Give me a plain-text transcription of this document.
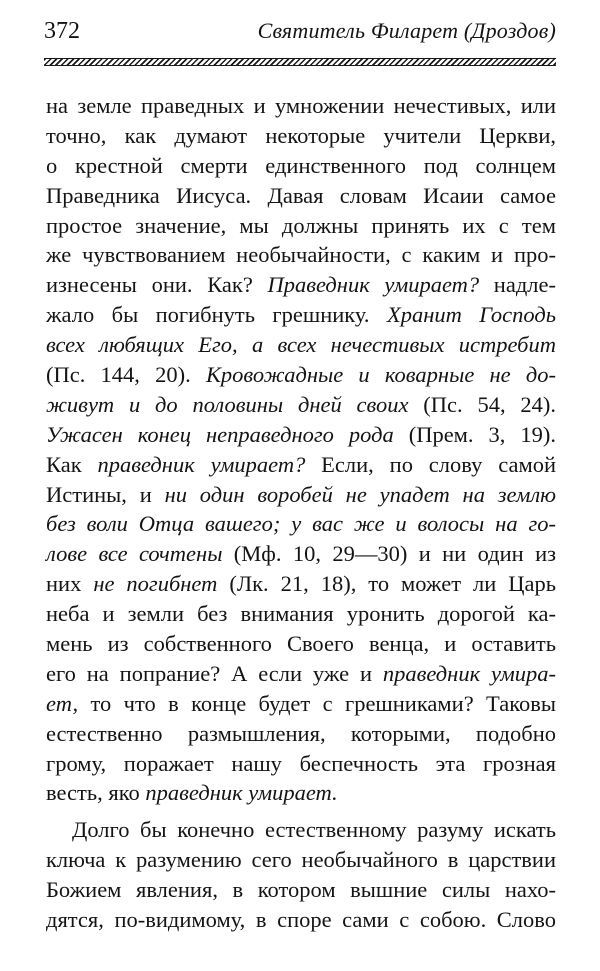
372	Святитель Филарет (Дроздов)
на земле праведных и умножении нечестивых, или
точно, как думают некоторые учители Церкви,
о крестной смерти единственного под солнцем
Праведника Иисуса. Давая словам Исаии самое
простое значение, мы должны принять их с тем
же чувствованием необычайности, с каким и про-
изнесены они. Как? Праведник умирает? надле-
жало бы погибнуть грешнику. Хранит Господь
всех любящих Его, а всех нечестивых истребит
(Пс. 144, 20). Кровожадные и коварные не до-
живут и до половины дней своих (Пс. 54, 24).
Ужасен конец неправедного рода (Прем. 3, 19).
Как праведник умирает? Если, по слову самой
Истины, и ни один воробей не упадет на землю
без воли Отца вашего; у вас же и волосы на го-
лове все сочтены (Мф. 10, 29—30) и ни один из
них не погибнет (Лк. 21, 18), то может ли Царь
неба и земли без внимания уронить дорогой ка-
мень из собственного Своего венца, и оставить
его на попрание? А если уже и праведник умира-
ет, то что в конце будет с грешниками? Таковы
естественно размышления, которыми, подобно
грому, поражает нашу беспечность эта грозная
весть, яко праведник умирает.
Долго бы конечно естественному разуму искать
ключа к разумению сего необычайного в царствии
Божием явления, в котором вышние силы нахо-
дятся, по-видимому, в споре сами с собою. Слово
